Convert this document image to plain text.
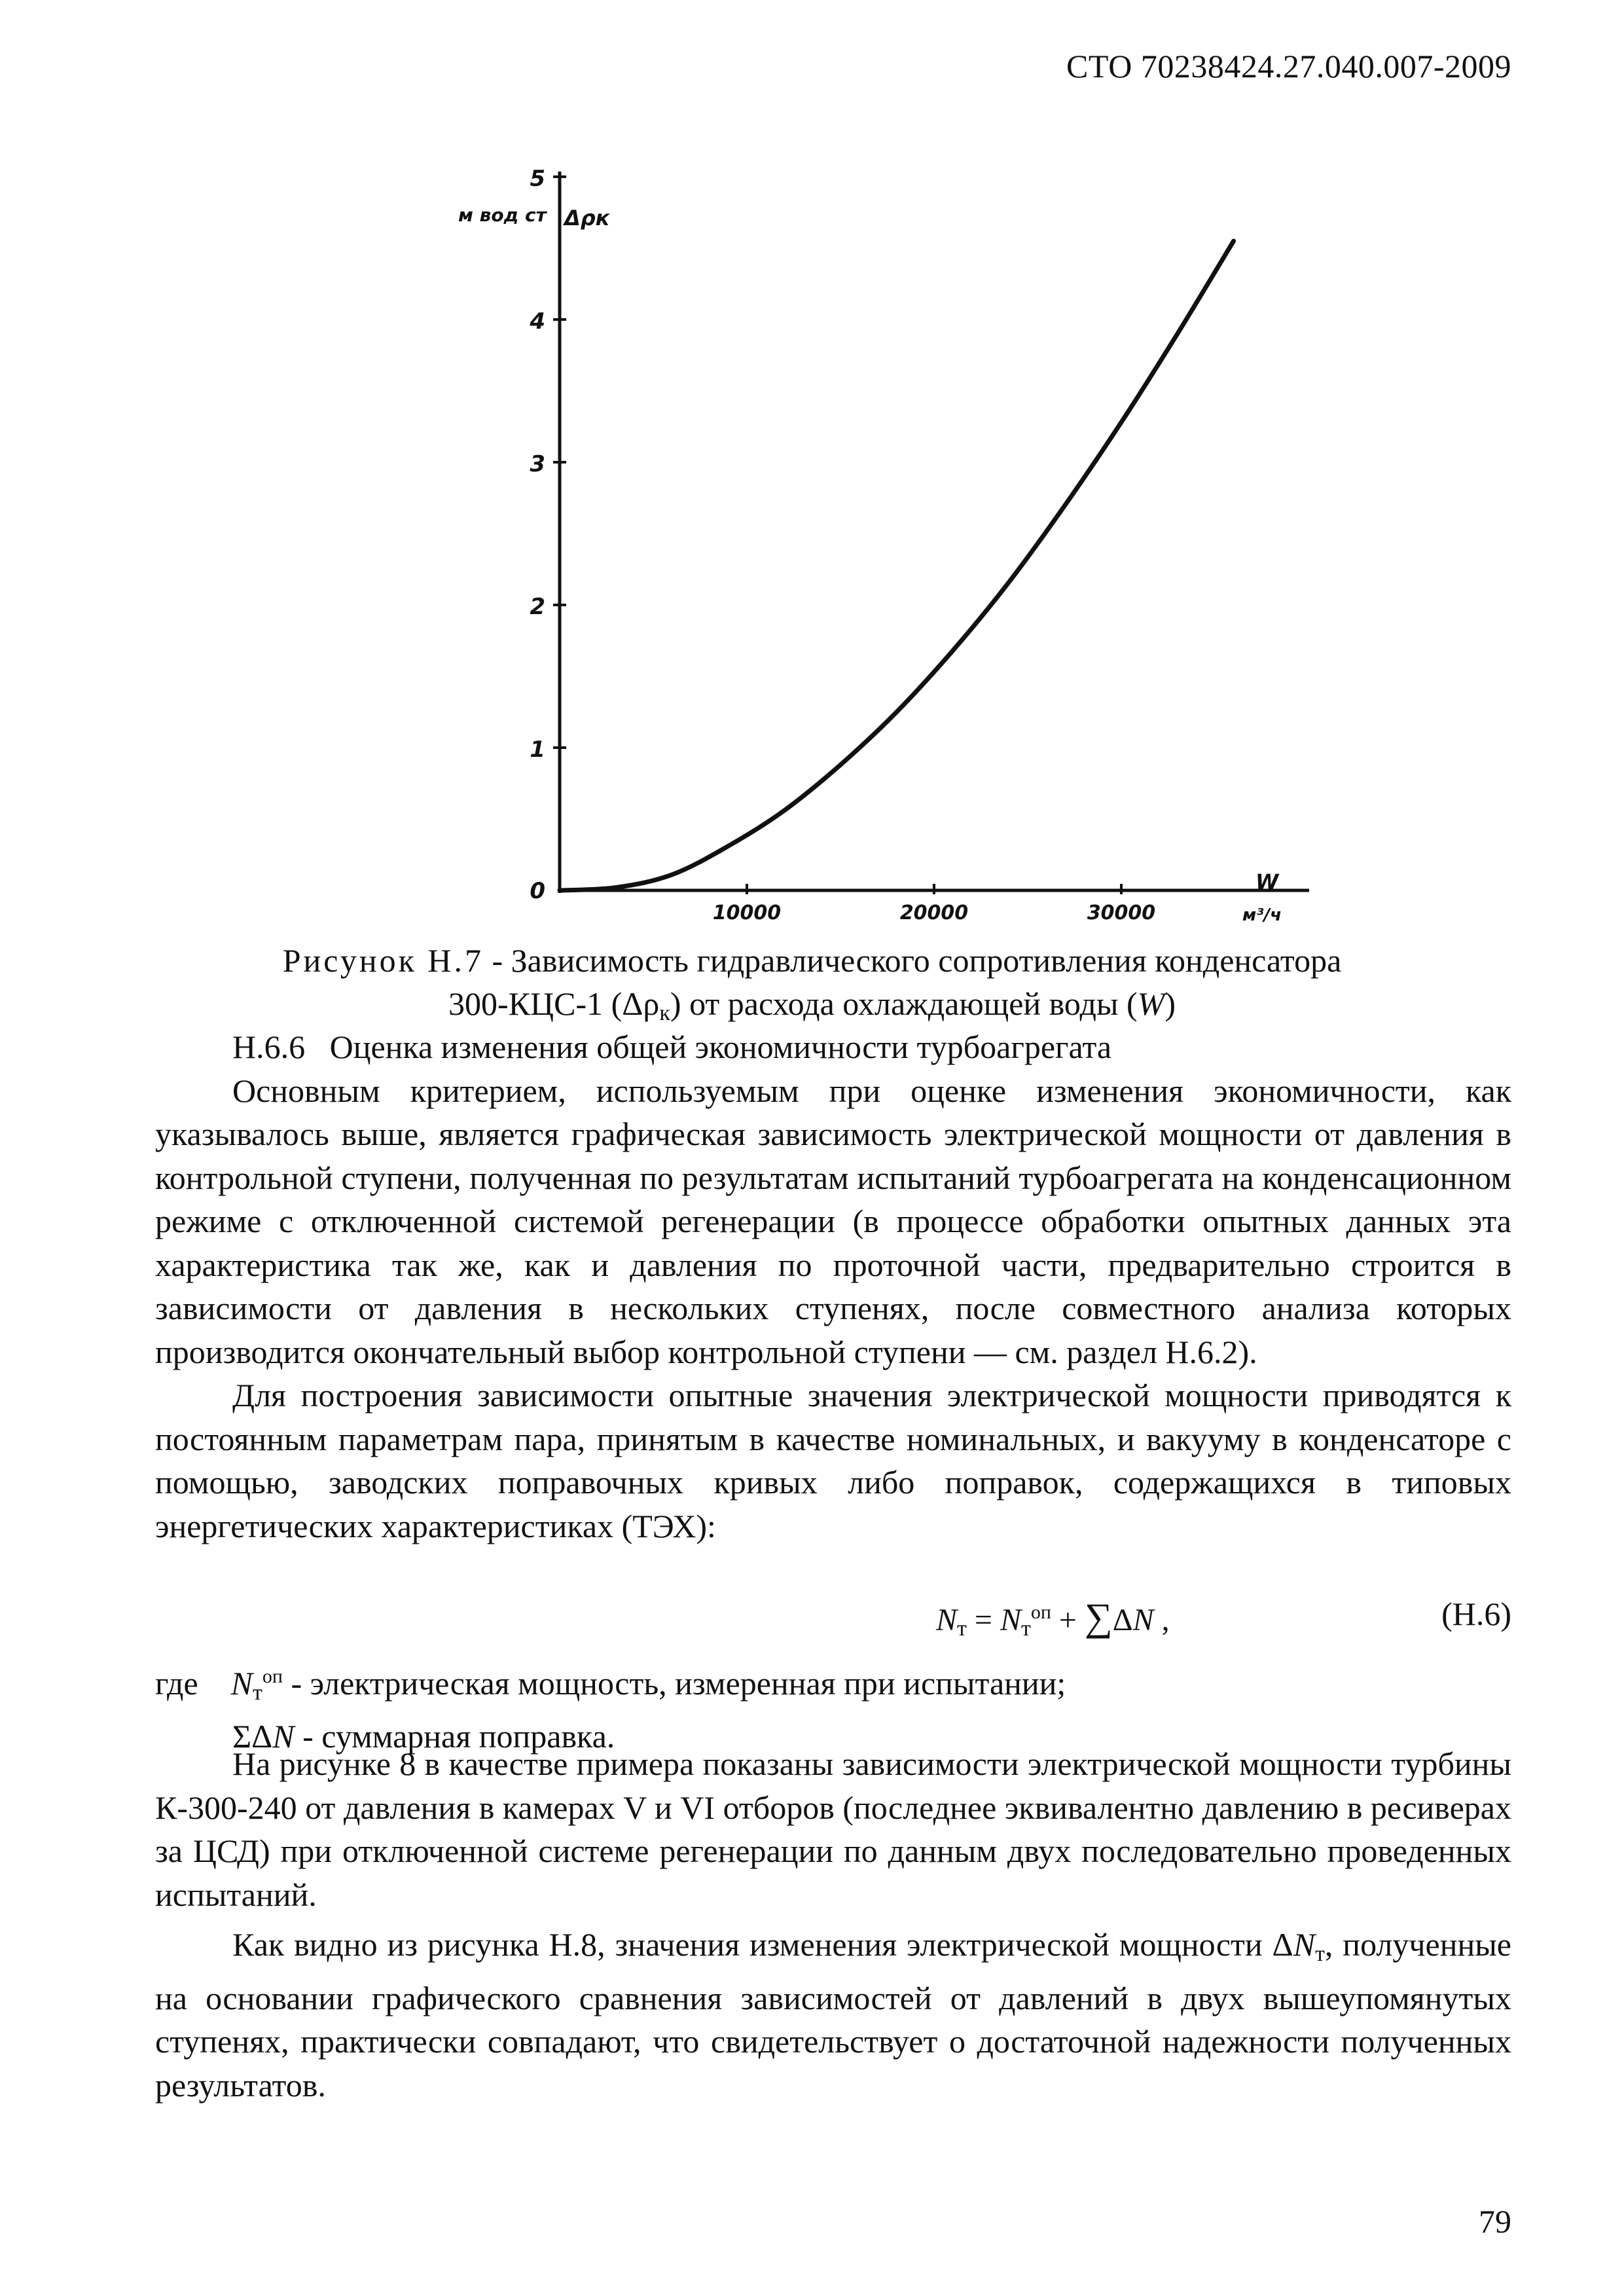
СТО 70238424.27.040.007-2009
0
1
2
3
4
5
10000	20000	30000
м вод ст Δρк
W
м³/ч
Рисунок Н.7 - Зависимость гидравлического сопротивления конденсатора
300-КЦС-1 $(\Delta\rho_к)$ от расхода охлаждающей воды (W)

Н.6.6 Оценка изменения общей экономичности турбоагрегата

Основным критерием, используемым при оценке изменения экономичности, как указывалось выше, является графическая зависимость электрической мощности от давления в контрольной ступени, полученная по результатам испытаний турбоагрегата на конденсационном режиме с отключенной системой регенерации (в процессе обработки опытных данных эта характеристика так же, как и давления по проточной части, предварительно строится в зависимости от давления в нескольких ступенях, после совместного анализа которых производится окончательный выбор контрольной ступени — см. раздел Н.6.2).

Для построения зависимости опытные значения электрической мощности приводятся к постоянным параметрам пара, принятым в качестве номинальных, и вакууму в конденсаторе с помощью, заводских поправочных кривых либо поправок, содержащихся в типовых энергетических характеристиках (ТЭХ):

$N_т = N_т^{оп} + \sum\Delta N$ ,	(Н.6)
где $N_т^{оп}$ - электрическая мощность, измеренная при испытании;
ΣΔN - суммарная поправка.

На рисунке 8 в качестве примера показаны зависимости электрической мощности турбины К-300-240 от давления в камерах V и VI отборов (последнее эквивалентно давлению в ресиверах за ЦСД) при отключенной системе регенерации по данным двух последовательно проведенных испытаний.

Как видно из рисунка Н.8, значения изменения электрической мощности $\Delta N_т$, полученные на основании графического сравнения зависимостей от давлений в двух вышеупомянутых ступенях, практически совпадают, что свидетельствует о достаточной надежности полученных результатов.

79
